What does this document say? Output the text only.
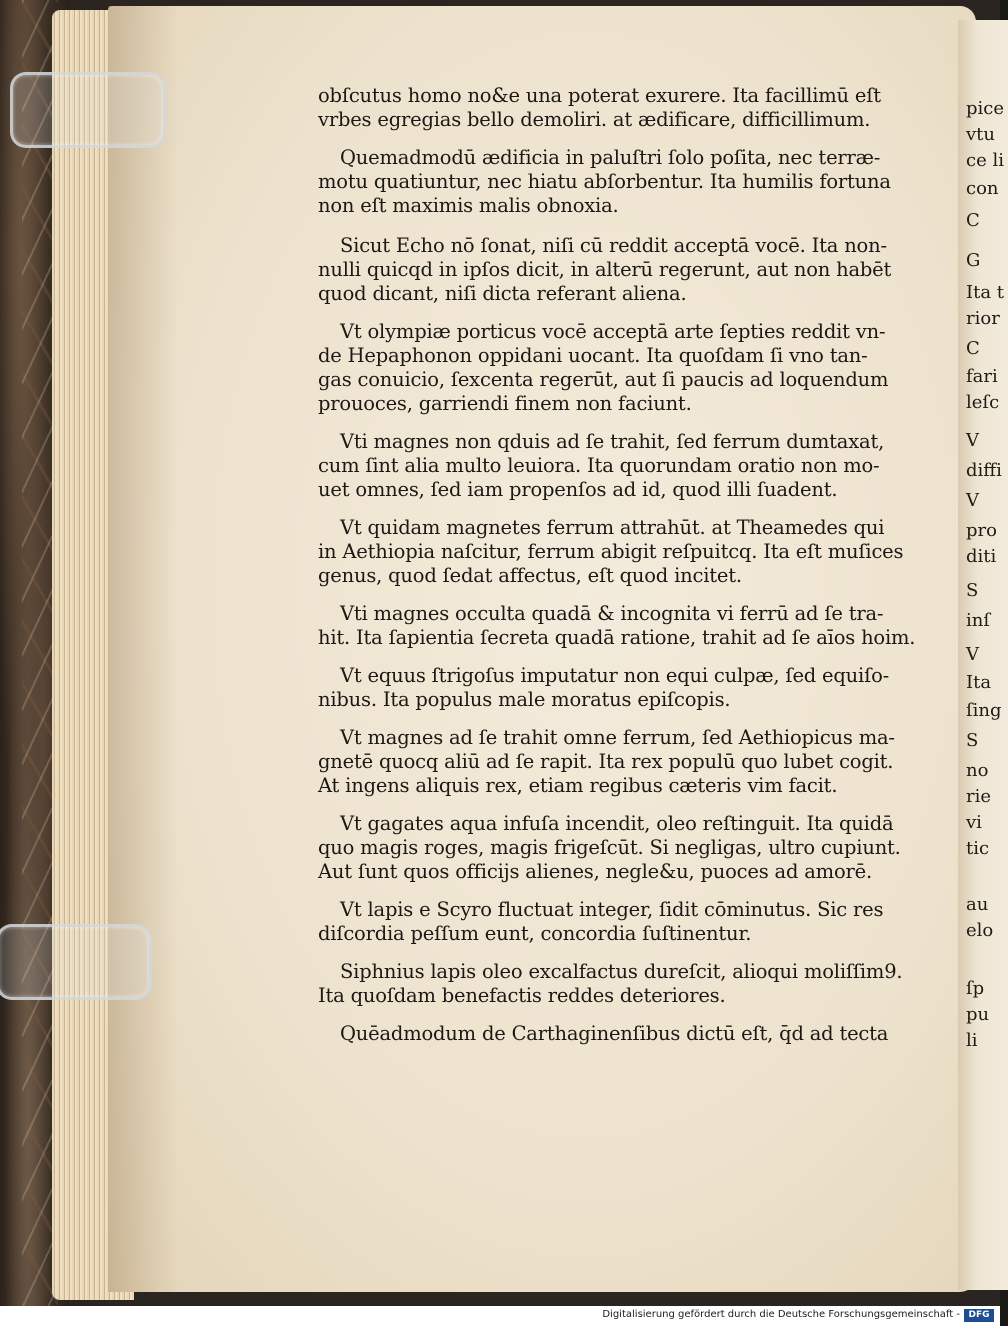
pice
vtu
ce li
con
C
G
Ita t
rior
C
fari
leſc
V
diffi
V
pro
diti
S
inſ
V
Ita
ſing
S
no
rie
vi
tic
au
elo
ſp
pu
li
obſcutus homo no&e una poterat exurere. Ita facillimū eſt
vrbes egregias bello demoliri. at ædificare, difficillimum.
Quemadmodū ædificia in paluſtri ſolo poſita, nec terræ-
motu quatiuntur, nec hiatu abſorbentur. Ita humilis fortuna
non eſt maximis malis obnoxia.
Sicut Echo nō ſonat, niſi cū reddit acceptā vocē. Ita non-
nulli quicqd in ipſos dicit, in alterū regerunt, aut non habēt
quod dicant, niſi dicta referant aliena.
Vt olympiæ porticus vocē acceptā arte ſepties reddit vn-
de Hepaphonon oppidani uocant. Ita quoſdam ſi vno tan-
gas conuicio, ſexcenta regerūt, aut ſi paucis ad loquendum
prouoces, garriendi finem non faciunt.
Vti magnes non qduis ad ſe trahit, ſed ferrum dumtaxat,
cum ſint alia multo leuiora. Ita quorundam oratio non mo-
uet omnes, ſed iam propenſos ad id, quod illi ſuadent.
Vt quidam magnetes ferrum attrahūt. at Theamedes qui
in Aethiopia naſcitur, ferrum abigit reſpuitcq. Ita eſt muſices
genus, quod ſedat affectus, eſt quod incitet.
Vti magnes occulta quadā & incognita vi ferrū ad ſe tra-
hit. Ita ſapientia ſecreta quadā ratione, trahit ad ſe aīos hoim.
Vt equus ſtrigoſus imputatur non equi culpæ, ſed equiſo-
nibus. Ita populus male moratus epiſcopis.
Vt magnes ad ſe trahit omne ferrum, ſed Aethiopicus ma-
gnetē quocq aliū ad ſe rapit. Ita rex populū quo lubet cogit.
At ingens aliquis rex, etiam regibus cæteris vim facit.
Vt gagates aqua infuſa incendit, oleo reſtinguit. Ita quidā
quo magis roges, magis frigeſcūt. Si negligas, ultro cupiunt.
Aut ſunt quos officijs alienes, negle&u, puoces ad amorē.
Vt lapis e Scyro fluctuat integer, ſidit cōminutus. Sic res
diſcordia peſſum eunt, concordia ſuſtinentur.
Siphnius lapis oleo excalfactus dureſcit, alioqui moliſſim9.
Ita quoſdam benefactis reddes deteriores.
Quēadmodum de Carthaginenſibus dictū eſt, q̄d ad tecta
Digitalisierung gefördert durch die Deutsche Forschungsgemeinschaft - DFG
